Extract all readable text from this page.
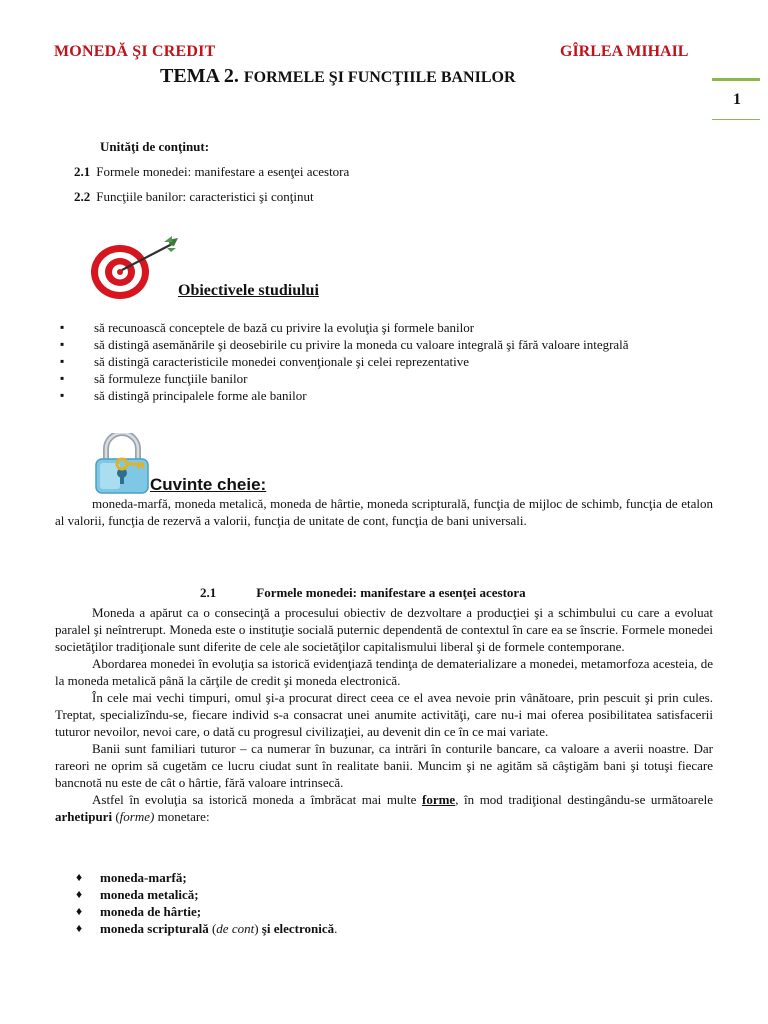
MONEDĂ ŞI CREDIT	GÎRLEA MIHAIL
TEMA 2. FORMELE ŞI FUNCŢIILE BANILOR
1
Unităţi de conţinut:
2.1 Formele monedei: manifestare a esenţei acestora
2.2 Funcţiile banilor: caracteristici şi conţinut
Obiectivele studiului
▪ să recunoască conceptele de bază cu privire la evoluţia şi formele banilor
▪ să distingă asemănările şi deosebirile cu privire la moneda cu valoare integrală şi fără valoare integrală
▪ să distingă caracteristicile monedei convenţionale şi celei reprezentative
▪ să formuleze funcţiile banilor
▪ să distingă principalele forme ale banilor
Cuvinte cheie:
moneda-marfă, moneda metalică, moneda de hârtie, moneda scripturală, funcţia de mijloc de schimb, funcţia de etalon al valorii, funcţia de rezervă a valorii, funcţia de unitate de cont, funcţia de bani universali.
2.1	Formele monedei: manifestare a esenţei acestora

Moneda a apărut ca o consecinţă a procesului obiectiv de dezvoltare a producţiei şi a schimbului cu care a evoluat paralel şi neîntrerupt. Moneda este o instituţie socială puternic dependentă de contextul în care ea se înscrie. Formele monedei societăţilor tradiţionale sunt diferite de cele ale societăţilor capitalismului liberal şi de formele contemporane.

Abordarea monedei în evoluţia sa istorică evidenţiază tendinţa de dematerializare a monedei, metamorfoza acesteia, de la moneda metalică până la cărţile de credit şi moneda electronică.

În cele mai vechi timpuri, omul şi-a procurat direct ceea ce el avea nevoie prin vânătoare, prin pescuit şi prin cules. Treptat, specializîndu-se, fiecare individ s-a consacrat unei anumite activităţi, care nu-i mai oferea posibilitatea satisfacerii tuturor nevoilor, nevoi care, o dată cu progresul civilizaţiei, au devenit din ce în ce mai variate.

Banii sunt familiari tuturor – ca numerar în buzunar, ca intrări în conturile bancare, ca valoare a averii noastre. Dar rareori ne oprim să cugetăm ce lucru ciudat sunt în realitate banii. Muncim şi ne agităm să câştigăm bani şi totuşi fiecare bancnotă nu este de cât o hârtie, fără valoare intrinsecă.

Astfel în evoluţia sa istorică moneda a îmbrăcat mai multe forme, în mod tradiţional destingându-se următoarele arhetipuri (forme) monetare:

♦ moneda-marfă;
♦ moneda metalică;
♦ moneda de hârtie;
♦ moneda scripturală (de cont) şi electronică.
